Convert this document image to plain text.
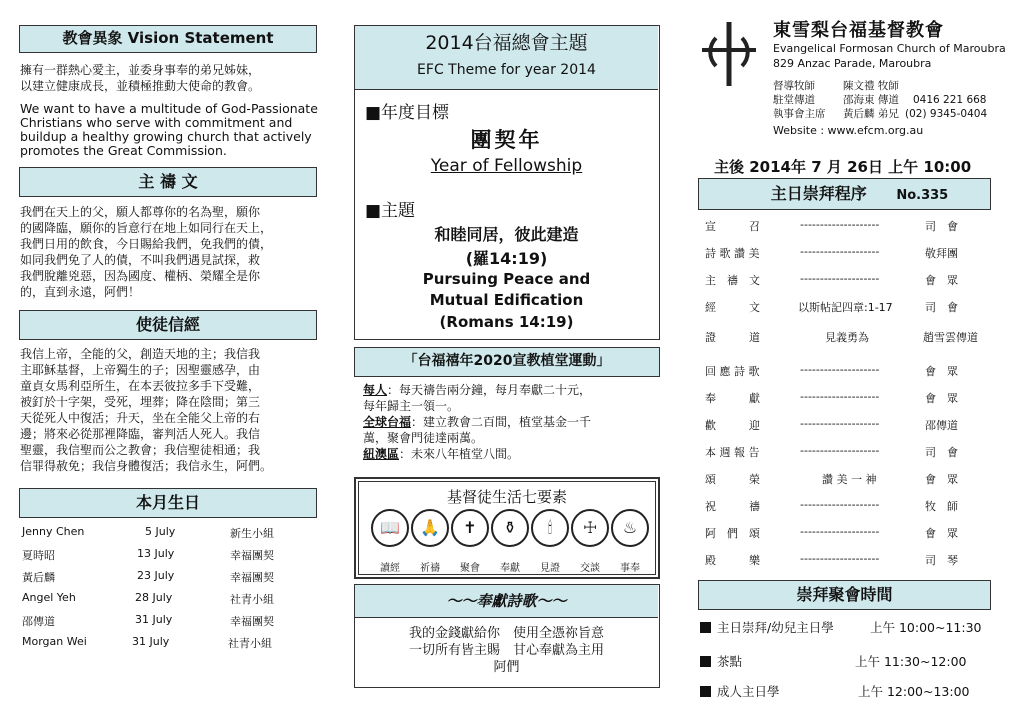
教會異象 Vision Statement
擁有一群熱心愛主，並委身事奉的弟兄姊妹，
以建立健康成長，並積極推動大使命的教會。
We want to have a multitude of God-Passionate
Christians who serve with commitment and
buildup a healthy growing church that actively
promotes the Great Commission.
主 禱 文
我們在天上的父，願人都尊你的名為聖，願你
的國降臨，願你的旨意行在地上如同行在天上，
我們日用的飲食，今日賜給我們，免我們的債，
如同我們免了人的債，不叫我們遇見試探，救
我們脫離兇惡，因為國度、權柄、榮耀全是你
的，直到永遠，阿們！
使徒信經
我信上帝，全能的父，創造天地的主；我信我
主耶穌基督，上帝獨生的子；因聖靈感孕，由
童貞女馬利亞所生，在本丟彼拉多手下受難，
被釘於十字架，受死，埋葬；降在陰間；第三
天從死人中復活；升天，坐在全能父上帝的右
邊；將來必從那裡降臨，審判活人死人。我信
聖靈，我信聖而公之教會；我信聖徒相通；我
信罪得赦免；我信身體復活；我信永生，阿們。
本月生日
Jenny Chen	5 July	新生小組
夏時昭	13 July	幸福團契
黃后麟	23 July	幸福團契
Angel Yeh	28 July	社青小組
邵傳道	31 July	幸福團契
Morgan Wei	31 July	社青小組
2014台福總會主題
EFC Theme for year 2014
■年度目標
團契年
Year of Fellowship
■主題
和睦同居，彼此建造
(羅14:19)
Pursuing Peace and
Mutual Edification
(Romans 14:19)
「台福禧年2020宣教植堂運動」
每人：每天禱告兩分鐘，每月奉獻二十元，
每年歸主一領一。
全球台福：建立教會二百間，植堂基金一千
萬，聚會門徒達兩萬。
紐澳區：未來八年植堂八間。
基督徒生活七要素
📖 🙏 ✝ ⚱ 🕯 ☩ ♨
讀經 祈禱 聚會 奉獻 見證 交談 事奉
～～奉獻詩歌～～
我的金錢獻給你　使用全憑祢旨意
一切所有皆主賜　甘心奉獻為主用
阿們
東雪梨台福基督教會
Evangelical Formosan Church of Maroubra
829 Anzac Parade, Maroubra
督導牧師	陳文禮 牧師
駐堂傳道	邵海東 傳道 0416 221 668
執事會主席 黃后麟 弟兄 (02) 9345-0404
Website : www.efcm.org.au
主後 2014年 7 月 26日 上午 10:00
主日崇拜程序 No.335
宣　　　召	--------------------	司　會
詩 歌 讚 美	--------------------	敬拜團
主　禱　文	--------------------	會　眾
經　　　文	以斯帖記四章:1-17	司　會
證　　　道	見義勇為	趙雪雲傳道
回 應 詩 歌	--------------------	會　眾
奉　　　獻	--------------------	會　眾
歡　　　迎	--------------------	邵傳道
本 週 報 告	--------------------	司　會
頌　　　榮	讚 美 一 神	會　眾
祝　　　禱	--------------------	牧　師
阿　們　頌	--------------------	會　眾
殿　　　樂	--------------------	司　琴
崇拜聚會時間
主日崇拜/幼兒主日學	上午 10:00~11:30
茶點	上午 11:30~12:00
成人主日學	上午 12:00~13:00
